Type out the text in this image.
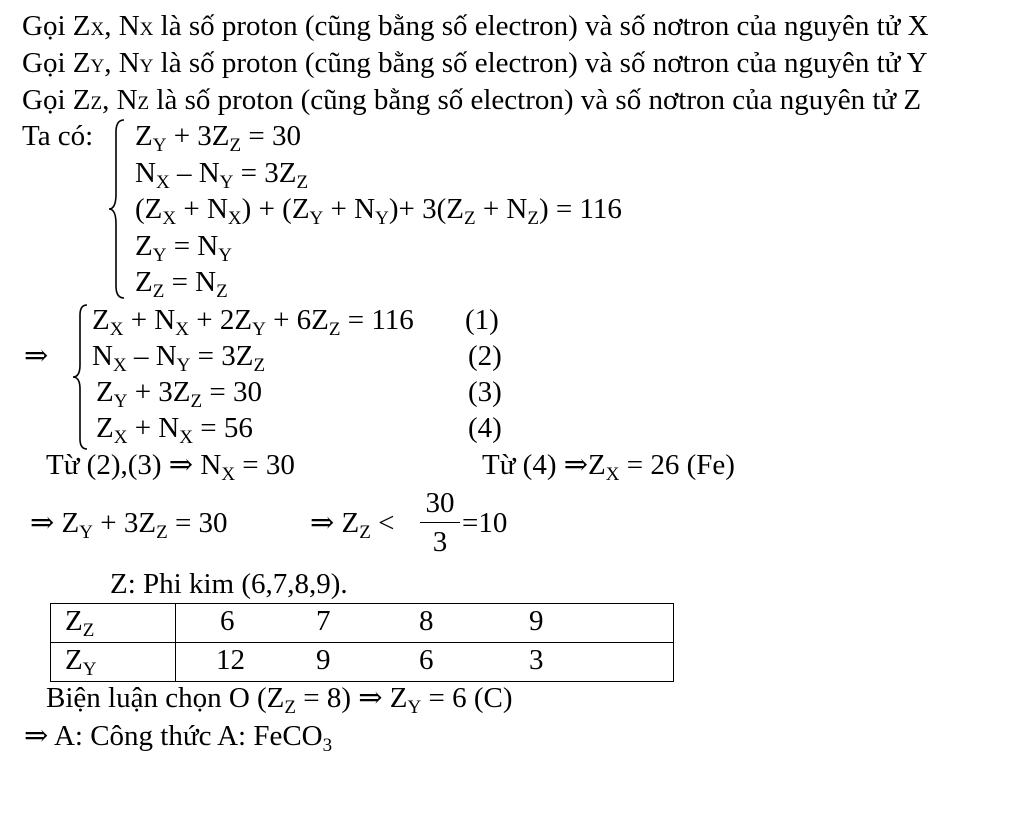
Gọi ZX, NX là số proton (cũng bằng số electron) và số nơtron của nguyên tử X
Gọi ZY, NY là số proton (cũng bằng số electron) và số nơtron của nguyên tử Y
Gọi ZZ, NZ là số proton (cũng bằng số electron) và số nơtron của nguyên tử Z
Ta có: $Z_Y + 3Z_Z = 30$
$N_X - N_Y = 3Z_Z$
$(Z_X + N_X) + (Z_Y + N_Y)+ 3(Z_Z + N_Z) = 116$
$Z_Y = N_Y$
$Z_Z = N_Z$
⇒
$Z_X + N_X + 2Z_Y + 6Z_Z = 116$
$N_X - N_Y = 3Z_Z$
$Z_Y + 3Z_Z = 30$
$Z_X + N_X = 56$
(1)
(2)
(3)
(4)
Từ (2),(3) ⇒ $N_X = 30$	Từ (4) $\Rightarrow Z_X = 26$ (Fe)
⇒ $Z_Y + 3Z_Z = 30$	⇒ $Z_Z$ <
30
3
=10
Z: Phi kim (6,7,8,9).
$Z_Z$	6 7 8 9

$Z_Y$	12 9 6 3
Biện luận chọn O $(Z_Z = 8)$ ⇒ $Z_Y = 6$ (C)
⇒ A: Công thức A: FeCO$_3$
